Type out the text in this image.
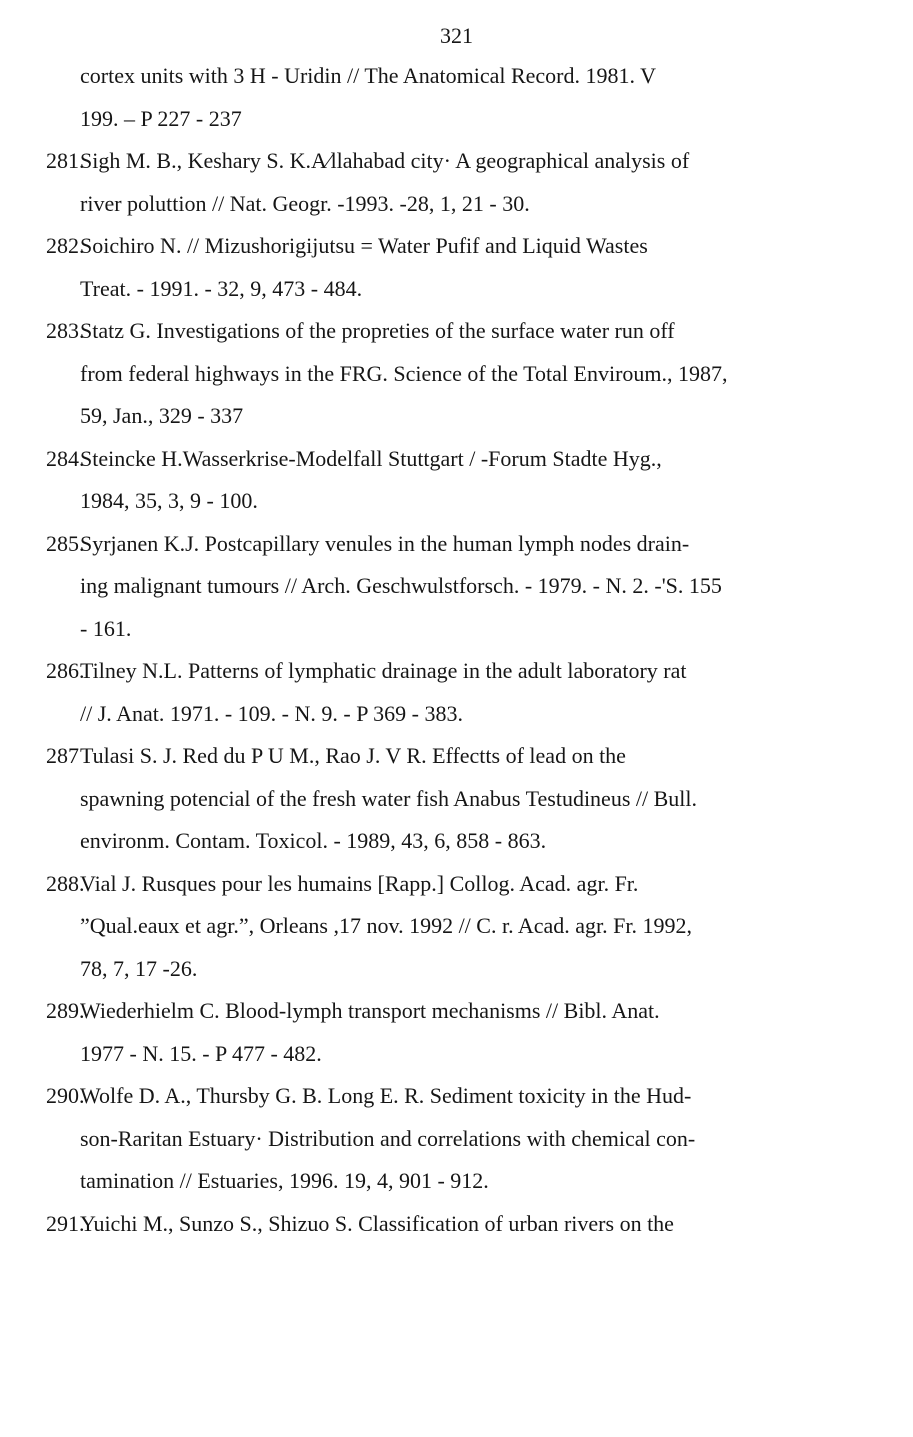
321
cortex units with 3 H - Uridin // The Anatomical Record. 1981. V
199. – P 227 - 237
281.
Sigh M. B., Keshary S. K.A⁄llahabad city· A geographical analysis of
river poluttion // Nat. Geogr. -1993. -28, 1, 21 - 30.
282.
Soichiro N. // Mizushorigijutsu = Water Pufif and Liquid Wastes
Treat. - 1991. - 32, 9, 473 - 484.
283.
Statz G. Investigations of the propreties of the surface water run off
from federal highways in the FRG. Science of the Total Enviroum., 1987,
59, Jan., 329 - 337
284.
Steincke H.Wasserkrise-Modelfall Stuttgart / -Forum Stadte Hyg.,
1984, 35, 3, 9 - 100.
285.
Syrjanen K.J. Postcapillary venules in the human lymph nodes drain-
ing malignant tumours // Arch. Geschwulstforsch. - 1979. - N. 2. -'S. 155
- 161.
286.
Tilney N.L. Patterns of lymphatic drainage in the adult laboratory rat
// J. Anat. 1971. - 109. - N. 9. - P 369 - 383.
287 Tulasi S. J. Red du P U M., Rao J. V R. Effectts of lead on the
spawning potencial of the fresh water fish Anabus Testudineus // Bull.
environm. Contam. Toxicol. - 1989, 43, 6, 858 - 863.
288.
Vial J. Rusques pour les humains [Rapp.] Collog. Acad. agr. Fr.
”Qual.eaux et agr.”, Orleans ,17 nov. 1992 // C. r. Acad. agr. Fr. 1992,
78, 7, 17 -26.
289.
Wiederhielm C. Blood-lymph transport mechanisms // Bibl. Anat.
1977 - N. 15. - P 477 - 482.
290.
Wolfe D. A., Thursby G. B. Long E. R. Sediment toxicity in the Hud-
son-Raritan Estuary· Distribution and correlations with chemical con-
tamination // Estuaries, 1996. 19, 4, 901 - 912.
291.
Yuichi M., Sunzo S., Shizuo S. Classification of urban rivers on the
